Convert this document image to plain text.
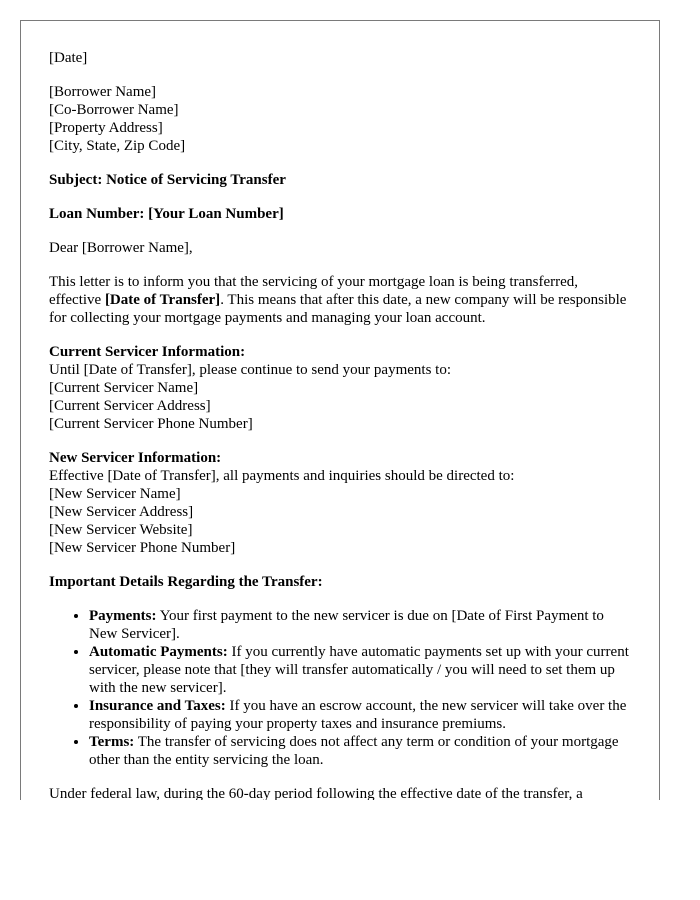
[Date]

[Borrower Name]

[Co-Borrower Name]

[Property Address]

[City, State, Zip Code]

Subject: Notice of Servicing Transfer

Loan Number: [Your Loan Number]

Dear [Borrower Name],

This letter is to inform you that the servicing of your mortgage loan is being transferred, effective [Date of Transfer]. This means that after this date, a new company will be responsible for collecting your mortgage payments and managing your loan account.

Current Servicer Information:

Until [Date of Transfer], please continue to send your payments to:

[Current Servicer Name]

[Current Servicer Address]

[Current Servicer Phone Number]

New Servicer Information:

Effective [Date of Transfer], all payments and inquiries should be directed to:

[New Servicer Name]

[New Servicer Address]

[New Servicer Website]

[New Servicer Phone Number]

Important Details Regarding the Transfer:

• Payments: Your first payment to the new servicer is due on [Date of First Payment to New Servicer].
• Automatic Payments: If you currently have automatic payments set up with your current servicer, please note that [they will transfer automatically / you will need to set them up with the new servicer].
• Insurance and Taxes: If you have an escrow account, the new servicer will take over the responsibility of paying your property taxes and insurance premiums.
• Terms: The transfer of servicing does not affect any term or condition of your mortgage other than the entity servicing the loan.

Under federal law, during the 60-day period following the effective date of the transfer, a
